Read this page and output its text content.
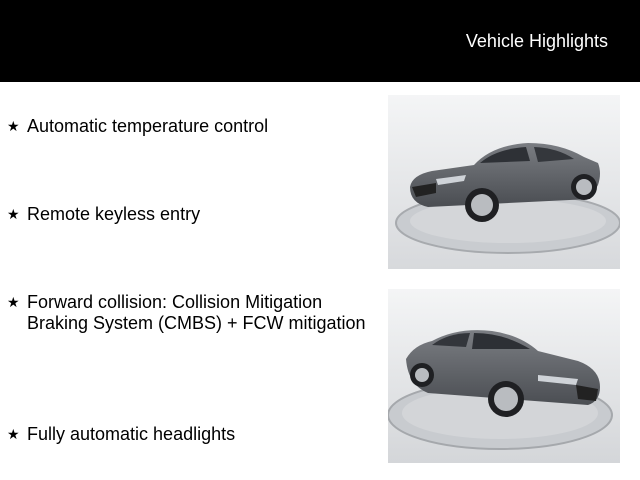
Vehicle Highlights
★ Automatic temperature control
★ Remote keyless entry
★ Forward collision: Collision Mitigation Braking System (CMBS) + FCW mitigation
★ Fully automatic headlights
